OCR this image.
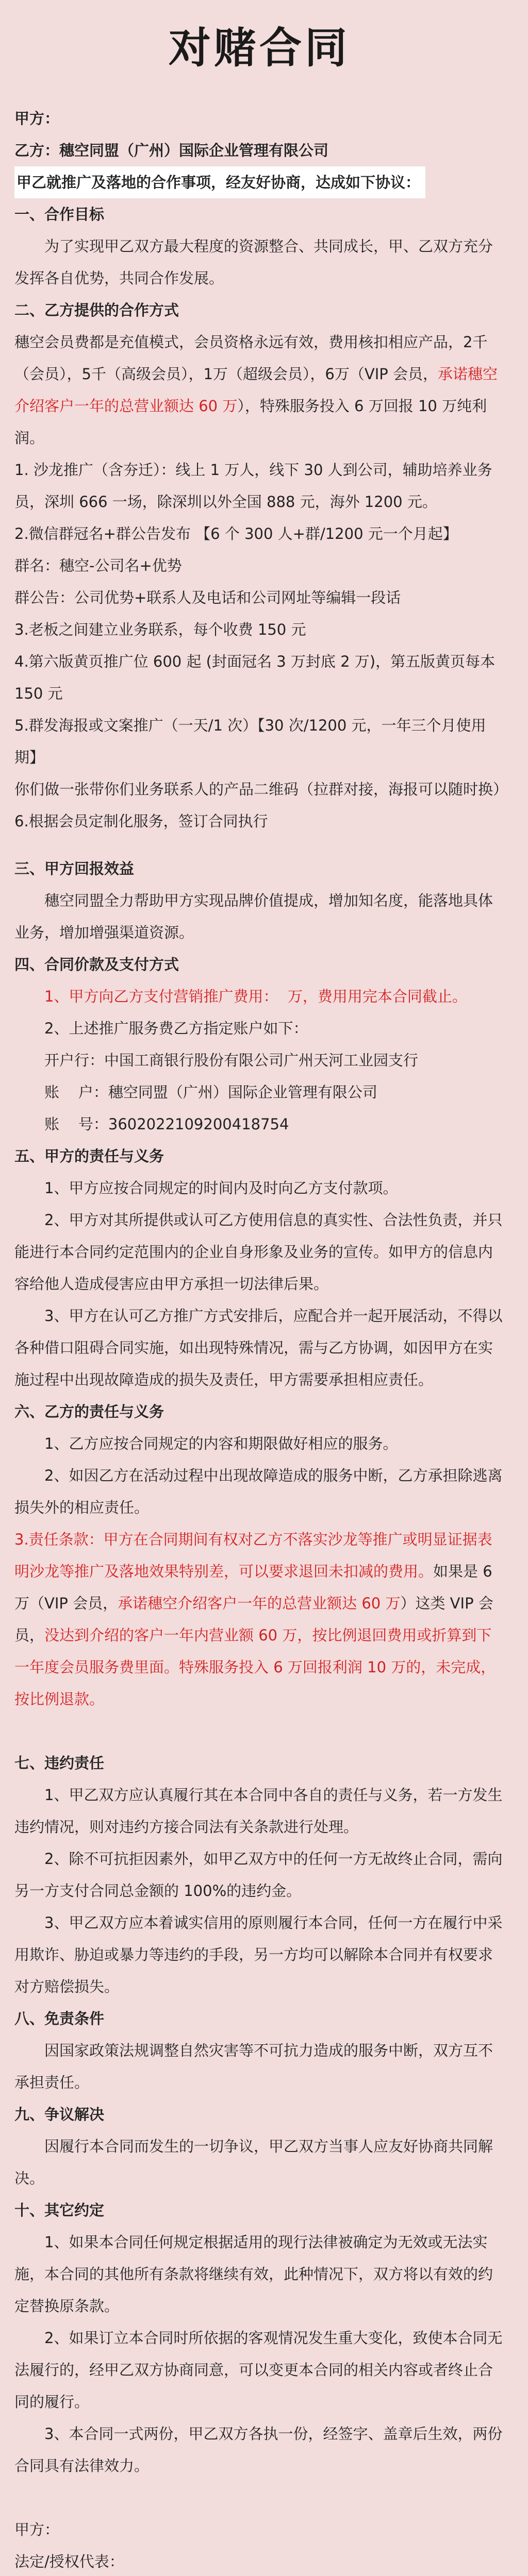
对赌合同

甲方：

乙方：穗空同盟（广州）国际企业管理有限公司

甲乙就推广及落地的合作事项，经友好协商，达成如下协议：

一、合作目标

为了实现甲乙双方最大程度的资源整合、共同成长，甲、乙双方充分发挥各自优势，共同合作发展。

二、乙方提供的合作方式

穗空会员费都是充值模式，会员资格永远有效，费用核扣相应产品，2千（会员），5千（高级会员），1万（超级会员），6万（VIP 会员，承诺穗空介绍客户一年的总营业额达 60 万），特殊服务投入 6 万回报 10 万纯利润。

1. 沙龙推广（含夯迁）：线上 1 万人，线下 30 人到公司，辅助培养业务员，深圳 666 一场，除深圳以外全国 888 元，海外 1200 元。

2.微信群冠名+群公告发布 【6 个 300 人+群/1200 元一个月起】

群名：穗空-公司名+优势

群公告：公司优势+联系人及电话和公司网址等编辑一段话

3.老板之间建立业务联系，每个收费 150 元

4.第六版黄页推广位 600 起 (封面冠名 3 万封底 2 万)，第五版黄页每本 150 元

5.群发海报或文案推广（一天/1 次）【30 次/1200 元，一年三个月使用期】

你们做一张带你们业务联系人的产品二维码（拉群对接，海报可以随时换）

6.根据会员定制化服务，签订合同执行

三、甲方回报效益

穗空同盟全力帮助甲方实现品牌价值提成，增加知名度，能落地具体业务，增加增强渠道资源。

四、合同价款及支付方式

1、甲方向乙方支付营销推广费用：  万，费用用完本合同截止。

2、上述推广服务费乙方指定账户如下：

开户行：中国工商银行股份有限公司广州天河工业园支行

账    户：穗空同盟（广州）国际企业管理有限公司

账    号：3602022109200418754

五、甲方的责任与义务

1、甲方应按合同规定的时间内及时向乙方支付款项。

2、甲方对其所提供或认可乙方使用信息的真实性、合法性负责，并只能进行本合同约定范围内的企业自身形象及业务的宣传。如甲方的信息内容给他人造成侵害应由甲方承担一切法律后果。

3、甲方在认可乙方推广方式安排后，应配合并一起开展活动，不得以各种借口阻碍合同实施，如出现特殊情况，需与乙方协调，如因甲方在实施过程中出现故障造成的损失及责任，甲方需要承担相应责任。

六、乙方的责任与义务

1、乙方应按合同规定的内容和期限做好相应的服务。

2、如因乙方在活动过程中出现故障造成的服务中断，乙方承担除逃离损失外的相应责任。

3.责任条款：甲方在合同期间有权对乙方不落实沙龙等推广或明显证据表明沙龙等推广及落地效果特别差，可以要求退回未扣减的费用。如果是 6 万（VIP 会员，承诺穗空介绍客户一年的总营业额达 60 万）这类 VIP 会员，没达到介绍的客户一年内营业额 60 万，按比例退回费用或折算到下一年度会员服务费里面。特殊服务投入 6 万回报利润 10 万的，未完成，按比例退款。

七、违约责任

1、甲乙双方应认真履行其在本合同中各自的责任与义务，若一方发生违约情况，则对违约方接合同法有关条款进行处理。

2、除不可抗拒因素外，如甲乙双方中的任何一方无故终止合同，需向另一方支付合同总金额的 100%的违约金。

3、甲乙双方应本着诚实信用的原则履行本合同，任何一方在履行中采用欺诈、胁迫或暴力等违约的手段，另一方均可以解除本合同并有权要求对方赔偿损失。

八、免责条件

因国家政策法规调整自然灾害等不可抗力造成的服务中断，双方互不承担责任。

九、争议解决

因履行本合同而发生的一切争议，甲乙双方当事人应友好协商共同解决。

十、其它约定

1、如果本合同任何规定根据适用的现行法律被确定为无效或无法实施，本合同的其他所有条款将继续有效，此种情况下，双方将以有效的约定替换原条款。

2、如果订立本合同时所依据的客观情况发生重大变化，致使本合同无法履行的，经甲乙双方协商同意，可以变更本合同的相关内容或者终止合同的履行。

3、本合同一式两份，甲乙双方各执一份，经签字、盖章后生效，两份合同具有法律效力。

甲方：

法定/授权代表：
